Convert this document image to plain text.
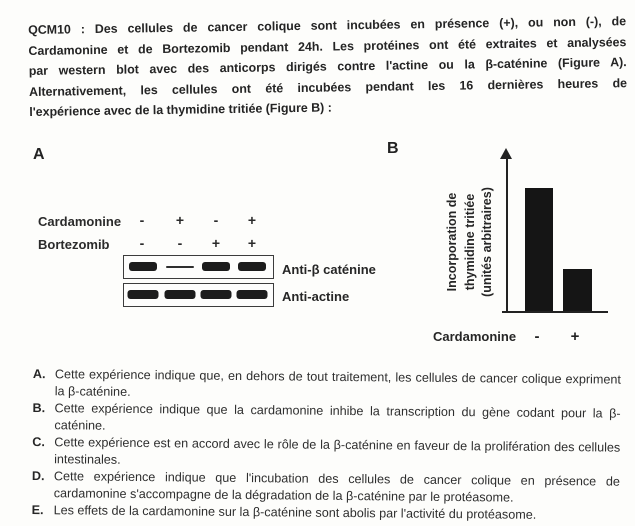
QCM10 : Des cellules de cancer colique sont incubées en présence (+), ou non (-), de
Cardamonine et de Bortezomib pendant 24h. Les protéines ont été extraites et analysées
par western blot avec des anticorps dirigés contre l'actine ou la β-caténine (Figure A).
Alternativement, les cellules ont été incubées pendant les 16 dernières heures de
l'expérience avec de la thymidine tritiée (Figure B) :
A
Cardamonine - + - +
Bortezomib - - + +
Anti-β caténine
Anti-actine
B
Incorporation de thymidine tritiée (unités arbitraires)
Cardamonine - +
A. Cette expérience indique que, en dehors de tout traitement, les cellules de cancer colique expriment la β-caténine.
B. Cette expérience indique que la cardamonine inhibe la transcription du gène codant pour la β-caténine.
C. Cette expérience est en accord avec le rôle de la β-caténine en faveur de la prolifération des cellules intestinales.
D. Cette expérience indique que l'incubation des cellules de cancer colique en présence de cardamonine s'accompagne de la dégradation de la β-caténine par le protéasome.
E. Les effets de la cardamonine sur la β-caténine sont abolis par l'activité du protéasome.
